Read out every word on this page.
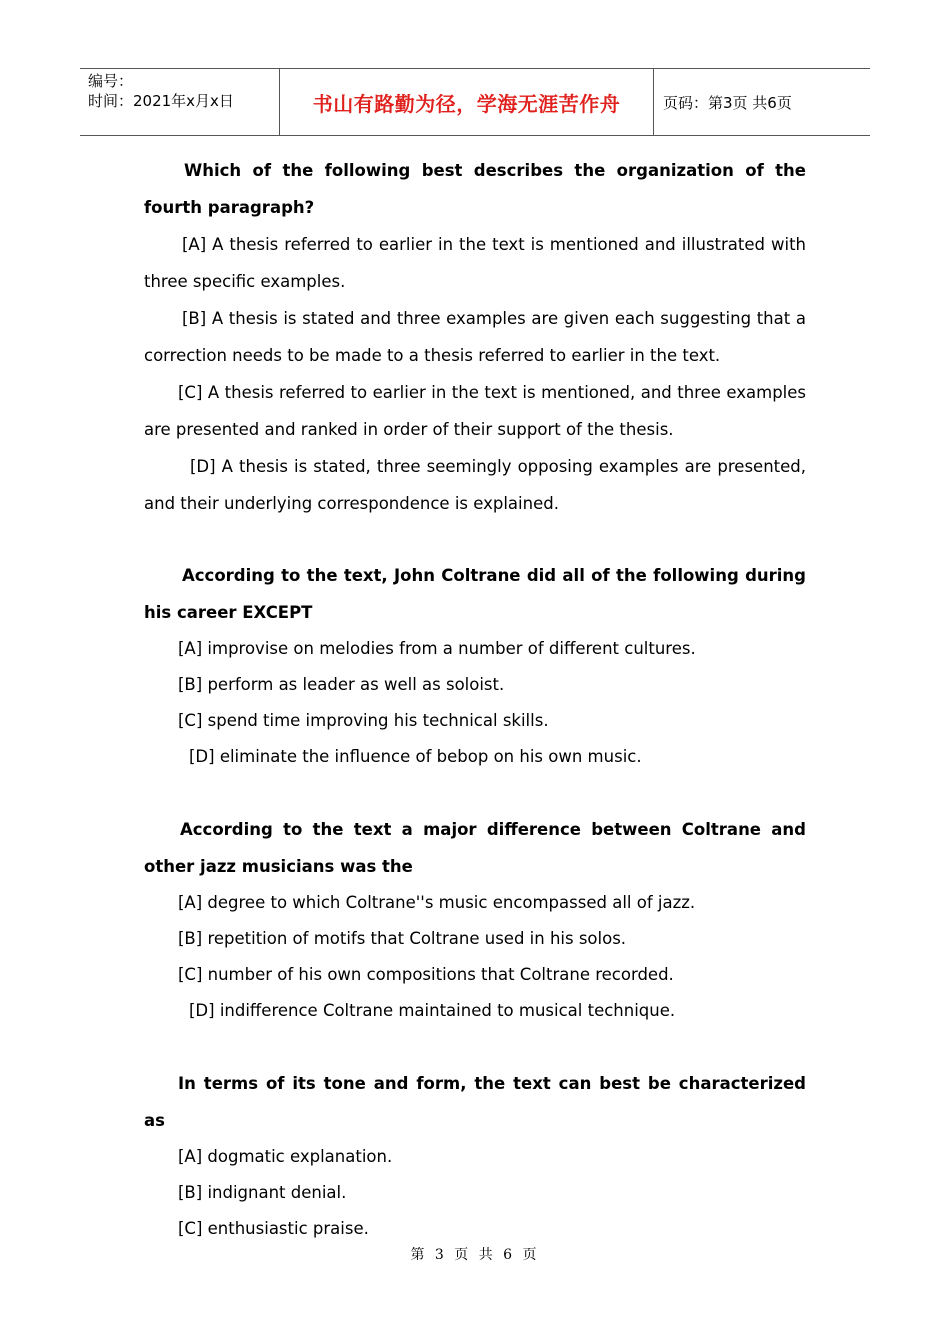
编号：
时间：2021年x月x日	书山有路勤为径，学海无涯苦作舟	页码：第3页 共6页

Which of the following best describes the organization of the fourth paragraph?

[A] A thesis referred to earlier in the text is mentioned and illustrated with three specific examples.

[B] A thesis is stated and three examples are given each suggesting that a correction needs to be made to a thesis referred to earlier in the text.

[C] A thesis referred to earlier in the text is mentioned, and three examples are presented and ranked in order of their support of the thesis.

[D] A thesis is stated, three seemingly opposing examples are presented, and their underlying correspondence is explained.

According to the text, John Coltrane did all of the following during his career EXCEPT

[A] improvise on melodies from a number of different cultures.

[B] perform as leader as well as soloist.

[C] spend time improving his technical skills.

[D] eliminate the influence of bebop on his own music.

According to the text a major difference between Coltrane and other jazz musicians was the

[A] degree to which Coltrane''s music encompassed all of jazz.

[B] repetition of motifs that Coltrane used in his solos.

[C] number of his own compositions that Coltrane recorded.

[D] indifference Coltrane maintained to musical technique.

In terms of its tone and form, the text can best be characterized as

[A] dogmatic explanation.

[B] indignant denial.

[C] enthusiastic praise.

第 3 页 共 6 页
